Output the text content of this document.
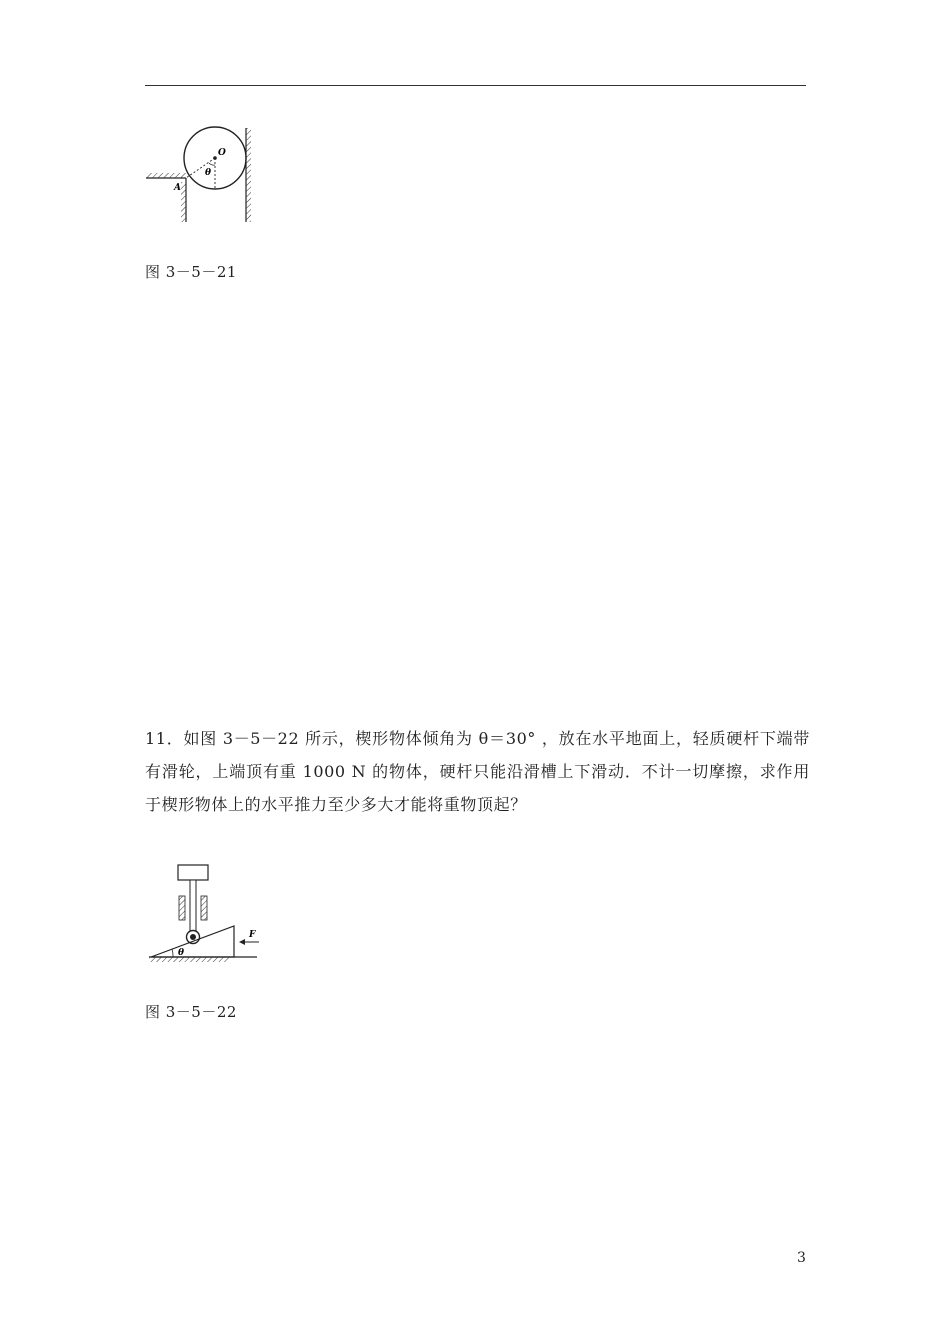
O
θ
A
图 3－5－21
11．如图 3－5－22 所示，楔形物体倾角为 θ＝30° ，放在水平地面上，轻质硬杆下端带有滑轮，上端顶有重 1000 N 的物体，硬杆只能沿滑槽上下滑动．不计一切摩擦，求作用于楔形物体上的水平推力至少多大才能将重物顶起？
θ
F
图 3－5－22
3
